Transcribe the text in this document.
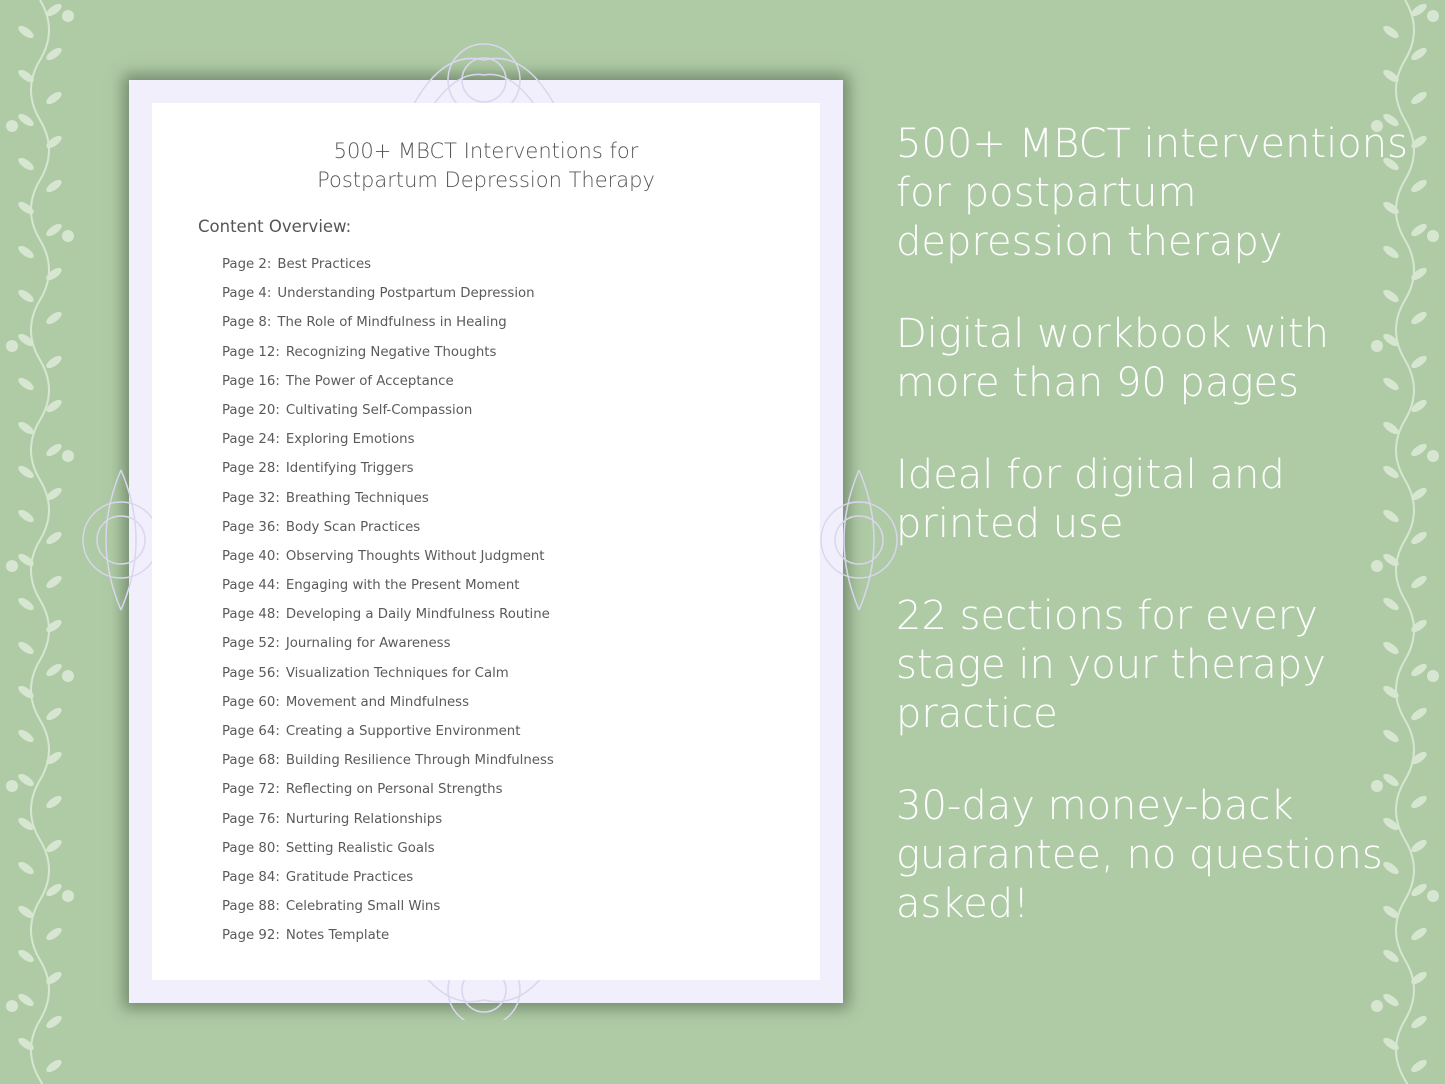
500+ MBCT Interventions for
Postpartum Depression Therapy
Content Overview:
Page 2: Best Practices
Page 4: Understanding Postpartum Depression
Page 8: The Role of Mindfulness in Healing
Page 12: Recognizing Negative Thoughts
Page 16: The Power of Acceptance
Page 20: Cultivating Self-Compassion
Page 24: Exploring Emotions
Page 28: Identifying Triggers
Page 32: Breathing Techniques
Page 36: Body Scan Practices
Page 40: Observing Thoughts Without Judgment
Page 44: Engaging with the Present Moment
Page 48: Developing a Daily Mindfulness Routine
Page 52: Journaling for Awareness
Page 56: Visualization Techniques for Calm
Page 60: Movement and Mindfulness
Page 64: Creating a Supportive Environment
Page 68: Building Resilience Through Mindfulness
Page 72: Reflecting on Personal Strengths
Page 76: Nurturing Relationships
Page 80: Setting Realistic Goals
Page 84: Gratitude Practices
Page 88: Celebrating Small Wins
Page 92: Notes Template

500+ MBCT interventions for postpartum depression therapy

Digital workbook with more than 90 pages

Ideal for digital and printed use

22 sections for every stage in your therapy practice

30-day money-back guarantee, no questions asked!
